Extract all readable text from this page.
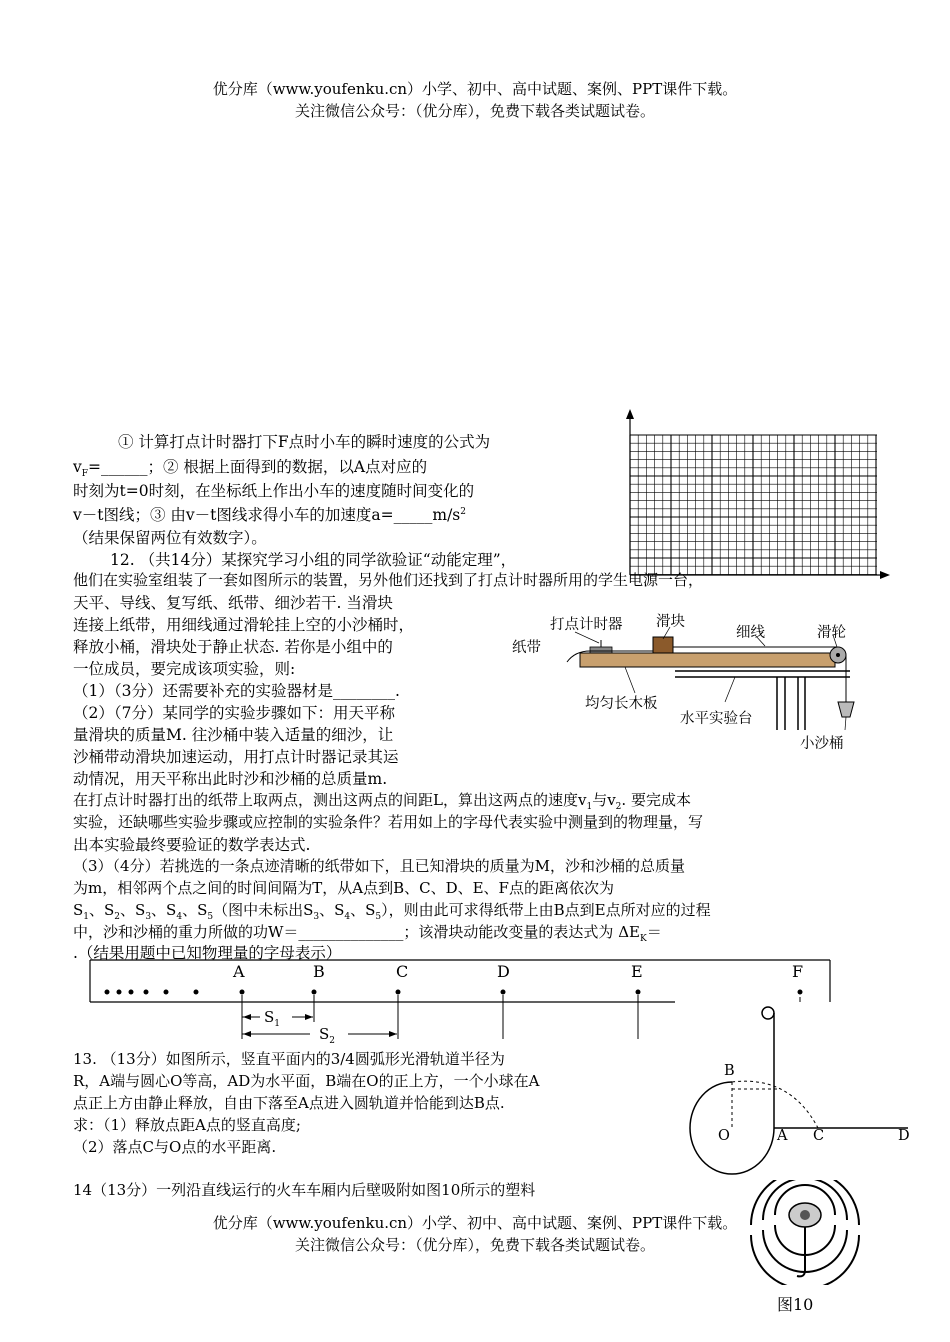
优分库（www.youfenku.cn）小学、初中、高中试题、案例、PPT课件下载。
关注微信公众号：（优分库），免费下载各类试题试卷。
① 计算打点计时器打下F点时小车的瞬时速度的公式为
$v_F=\_\_\_\_\_\_$；② 根据上面得到的数据，以A点对应的
时刻为t=0时刻，在坐标纸上作出小车的速度随时间变化的
v－t图线；③ 由v－t图线求得小车的加速度$a=\_\_\_\_\_m/s^2$
（结果保留两位有效数字）。
12. （共14分）某探究学习小组的同学欲验证“动能定理”，
他们在实验室组装了一套如图所示的装置，另外他们还找到了打点计时器所用的学生电源一台，
天平、导线、复写纸、纸带、细沙若干. 当滑块
连接上纸带，用细线通过滑轮挂上空的小沙桶时，
释放小桶，滑块处于静止状态. 若你是小组中的
一位成员，要完成该项实验，则:
（1）（3分）还需要补充的实验器材是________.
（2）（7分）某同学的实验步骤如下：用天平称
量滑块的质量M. 往沙桶中装入适量的细沙，让
沙桶带动滑块加速运动，用打点计时器记录其运
动情况，用天平称出此时沙和沙桶的总质量m.
在打点计时器打出的纸带上取两点，测出这两点的间距L，算出这两点的速度$v_1$与$v_2$. 要完成本
实验，还缺哪些实验步骤或应控制的实验条件？若用如上的字母代表实验中测量到的物理量，写
出本实验最终要验证的数学表达式.
（3）（4分）若挑选的一条点迹清晰的纸带如下，且已知滑块的质量为M，沙和沙桶的总质量
为m，相邻两个点之间的时间间隔为T，从A点到B、C、D、E、F点的距离依次为
$S_1$、$S_2$、$S_3$、$S_4$、$S_5$（图中未标出$S_3$、$S_4$、$S_5$），则由此可求得纸带上由B点到E点所对应的过程
中，沙和沙桶的重力所做的功W＝______________；该滑块动能改变量的表达式为 $\Delta E_K=$
.（结果用题中已知物理量的字母表示）
打点计时器 滑块
细线	滑轮
纸带
均匀长木板
水平实验台
小沙桶
A	B	C	D	E	F
$S_1$
$S_2$
13. （13分）如图所示，竖直平面内的3/4圆弧形光滑轨道半径为
R，A端与圆心O等高，AD为水平面，B端在O的正上方，一个小球在A
点正上方由静止释放，自由下落至A点进入圆轨道并恰能到达B点.
求：（1）释放点距A点的竖直高度;
（2）落点C与O点的水平距离.
B
O	A C	D
14（13分）一列沿直线运行的火车车厢内后壁吸附如图10所示的塑料
图10
优分库（www.youfenku.cn）小学、初中、高中试题、案例、PPT课件下载。
关注微信公众号：（优分库），免费下载各类试题试卷。
